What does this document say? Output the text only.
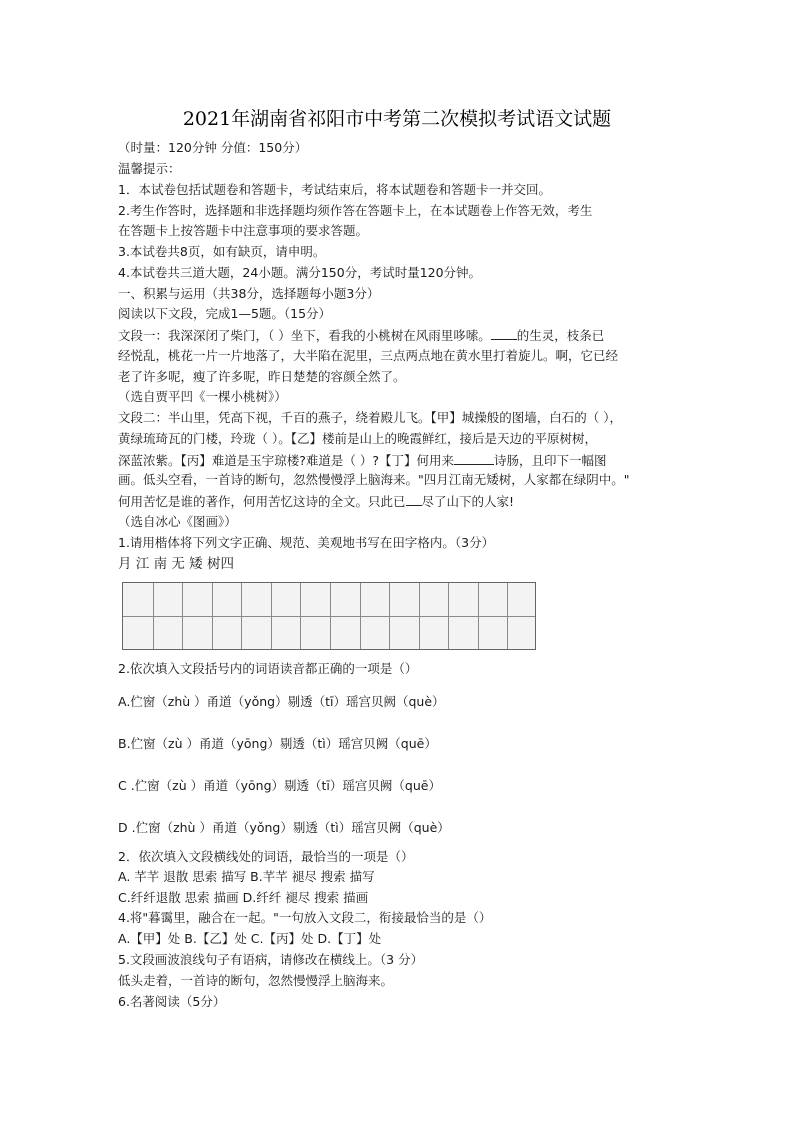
2021年湖南省祁阳市中考第二次模拟考试语文试题
（时量：120分钟 分值：150分）
温馨提示：
1．本试卷包括试题卷和答题卡，考试结束后，将本试题卷和答题卡一并交回。
2.考生作答时，选择题和非选择题均须作答在答题卡上，在本试题卷上作答无效，考生
在答题卡上按答题卡中注意事项的要求答题。
3.本试卷共8页，如有缺页，请申明。
4.本试卷共三道大题，24小题。满分150分，考试时量120分钟。
一、积累与运用（共38分，选择题每小题3分）
阅读以下文段，完成1—5题。（15分）
文段一：我深深闭了柴门，（ ）坐下，看我的小桃树在风雨里哆嗦。 的生灵，枝条已
经悦乱，桃花一片一片地落了，大半陷在泥里，三点两点地在黄水里打着旋儿。啊，它已经
老了许多呢，瘦了许多呢，昨日楚楚的容颜全然了。
（选自贾平凹《一棵小桃树》）
文段二：半山里，凭高下视，千百的燕子，绕着殿儿飞。【甲】城操般的图墙，白石的（ ），
黄绿琉琦瓦的门楼，玲珑（ ）。【乙】楼前是山上的晚霞鲜红，接后是天边的平原树树，
深蓝浓紫。【丙】难道是玉宇琼楼?难道是（ ）?【丁】何用来	诗肠，且印下一幅图
画。低头空看，一首诗的断句，忽然慢慢浮上脑海来。"四月江南无矮树，人家都在绿阴中。"
何用苦忆是谁的著作，何用苦忆这诗的全文。只此已 尽了山下的人家!
（选自冰心《图画》）
1.请用楷体将下列文字正确、规范、美观地书写在田字格内。（3分）
月 江 南 无 矮 树四
2.依次填入文段括号内的词语读音都正确的一项是（）
A.伫窗（zhù ）甬道（yǒng）剔透（tī）瑶宫贝阙（què）
B.伫窗（zù ）甬道（yōng）剔透（tì）瑶宫贝阙（quē）
C .伫窗（zù ）甬道（yōng）剔透（tī）瑶宫贝阙（quē）
D .伫窗（zhù ）甬道（yǒng）剔透（tì）瑶宫贝阙（què）
2．依次填入文段横线处的词语，最恰当的一项是（）
A. 芊芊 退散 思索 描写 B.芊芊 褪尽 搜索 描写
C.纤纤退散 思索 描画 D.纤纤 褪尽 搜索 描画
4.将"暮霭里，融合在一起。"一句放入文段二，衔接最恰当的是（）
A.【甲】处 B.【乙】处 C.【丙】处 D.【丁】处
5.文段画波浪线句子有语病，请修改在横线上。（3 分）
低头走着，一首诗的断句，忽然慢慢浮上脑海来。
6.名著阅读（5分）
